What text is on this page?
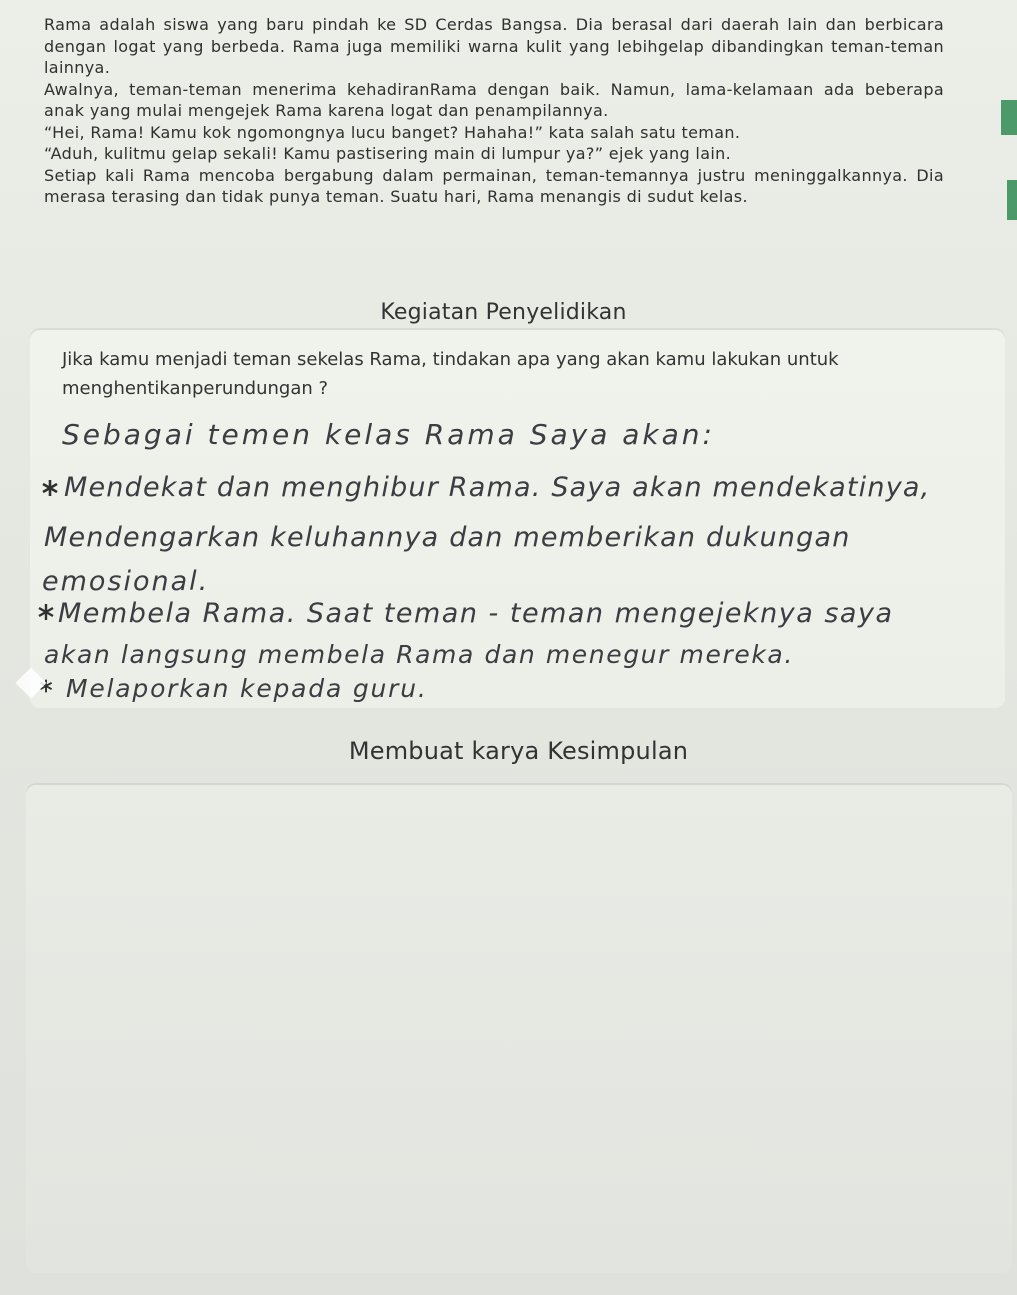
Rama adalah siswa yang baru pindah ke SD Cerdas Bangsa. Dia berasal dari daerah lain dan berbicara dengan logat yang berbeda. Rama juga memiliki warna kulit yang lebihgelap dibandingkan teman-teman lainnya.

Awalnya, teman-teman menerima kehadiranRama dengan baik. Namun, lama-kelamaan ada beberapa anak yang mulai mengejek Rama karena logat dan penampilannya.

“Hei, Rama! Kamu kok ngomongnya lucu banget? Hahaha!” kata salah satu teman.

“Aduh, kulitmu gelap sekali! Kamu pastisering main di lumpur ya?” ejek yang lain.

Setiap kali Rama mencoba bergabung dalam permainan, teman-temannya justru meninggalkannya. Dia merasa terasing dan tidak punya teman. Suatu hari, Rama menangis di sudut kelas.

Kegiatan Penyelidikan
Jika kamu menjadi teman sekelas Rama, tindakan apa yang akan kamu lakukan untuk menghentikanperundungan ?
Sebagai temen kelas Rama Saya akan:
Mendekat dan menghibur Rama. Saya akan mendekatinya,
Mendengarkan keluhannya dan memberikan dukungan
emosional.
Membela Rama. Saat teman - teman mengejeknya saya
akan langsung membela Rama dan menegur mereka.
Melaporkan kepada guru.
Membuat karya Kesimpulan
